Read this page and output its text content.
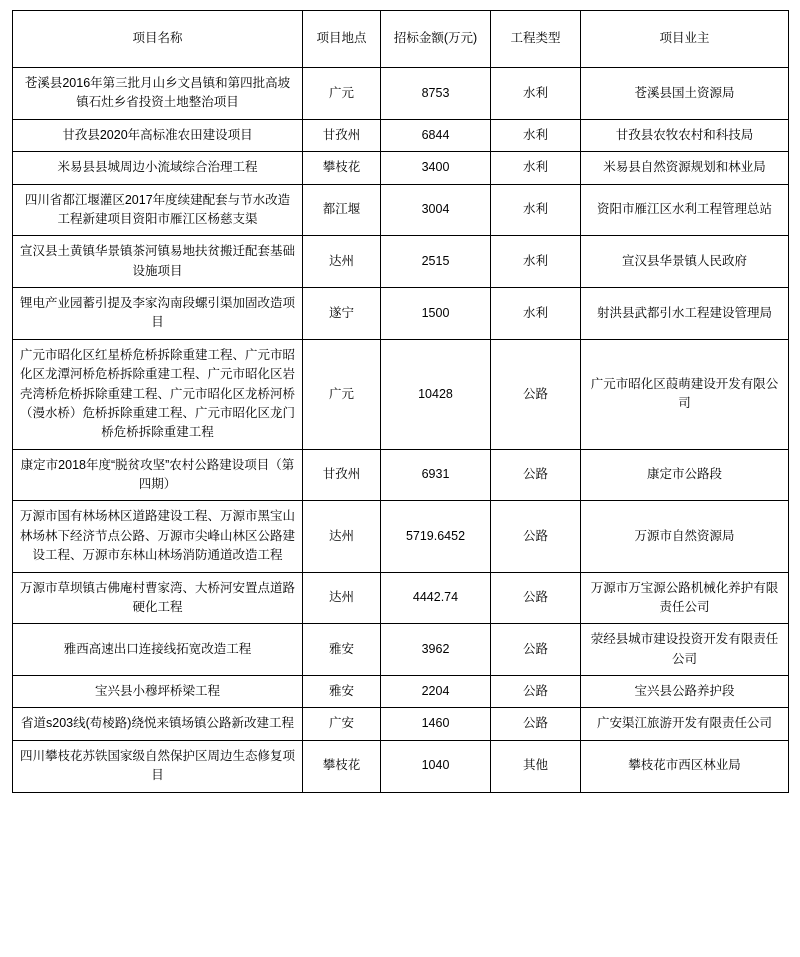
项目名称	项目地点	招标金额(万元)	工程类型	项目业主
苍溪县2016年第三批月山乡文昌镇和第四批高坡镇石灶乡省投资土地整治项目	广元	8753	水利	苍溪县国土资源局
甘孜县2020年高标准农田建设项目	甘孜州	6844	水利	甘孜县农牧农村和科技局
米易县县城周边小流域综合治理工程	攀枝花	3400	水利	米易县自然资源规划和林业局
四川省都江堰灌区2017年度续建配套与节水改造工程新建项目资阳市雁江区杨慈支渠	都江堰	3004	水利	资阳市雁江区水利工程管理总站
宣汉县土黄镇华景镇茶河镇易地扶贫搬迁配套基础设施项目	达州	2515	水利	宣汉县华景镇人民政府
锂电产业园蓄引提及李家沟南段螺引渠加固改造项目	遂宁	1500	水利	射洪县武都引水工程建设管理局
广元市昭化区红星桥危桥拆除重建工程、广元市昭化区龙潭河桥危桥拆除重建工程、广元市昭化区岩壳湾桥危桥拆除重建工程、广元市昭化区龙桥河桥（漫水桥）危桥拆除重建工程、广元市昭化区龙门桥危桥拆除重建工程	广元	10428	公路	广元市昭化区葭萌建设开发有限公司
康定市2018年度“脱贫攻坚”农村公路建设项目（第四期）	甘孜州	6931	公路	康定市公路段
万源市国有林场林区道路建设工程、万源市黑宝山林场林下经济节点公路、万源市尖峰山林区公路建设工程、万源市东林山林场消防通道改造工程	达州	5719.6452	公路	万源市自然资源局
万源市草坝镇古佛庵村曹家湾、大桥河安置点道路硬化工程	达州	4442.74	公路	万源市万宝源公路机械化养护有限责任公司
雅西高速出口连接线拓宽改造工程	雅安	3962	公路	荥经县城市建设投资开发有限责任公司
宝兴县小穆坪桥梁工程	雅安	2204	公路	宝兴县公路养护段
省道s203线(苟棱路)绕悦来镇场镇公路新改建工程	广安	1460	公路	广安渠江旅游开发有限责任公司
四川攀枝花苏铁国家级自然保护区周边生态修复项目	攀枝花	1040	其他	攀枝花市西区林业局
